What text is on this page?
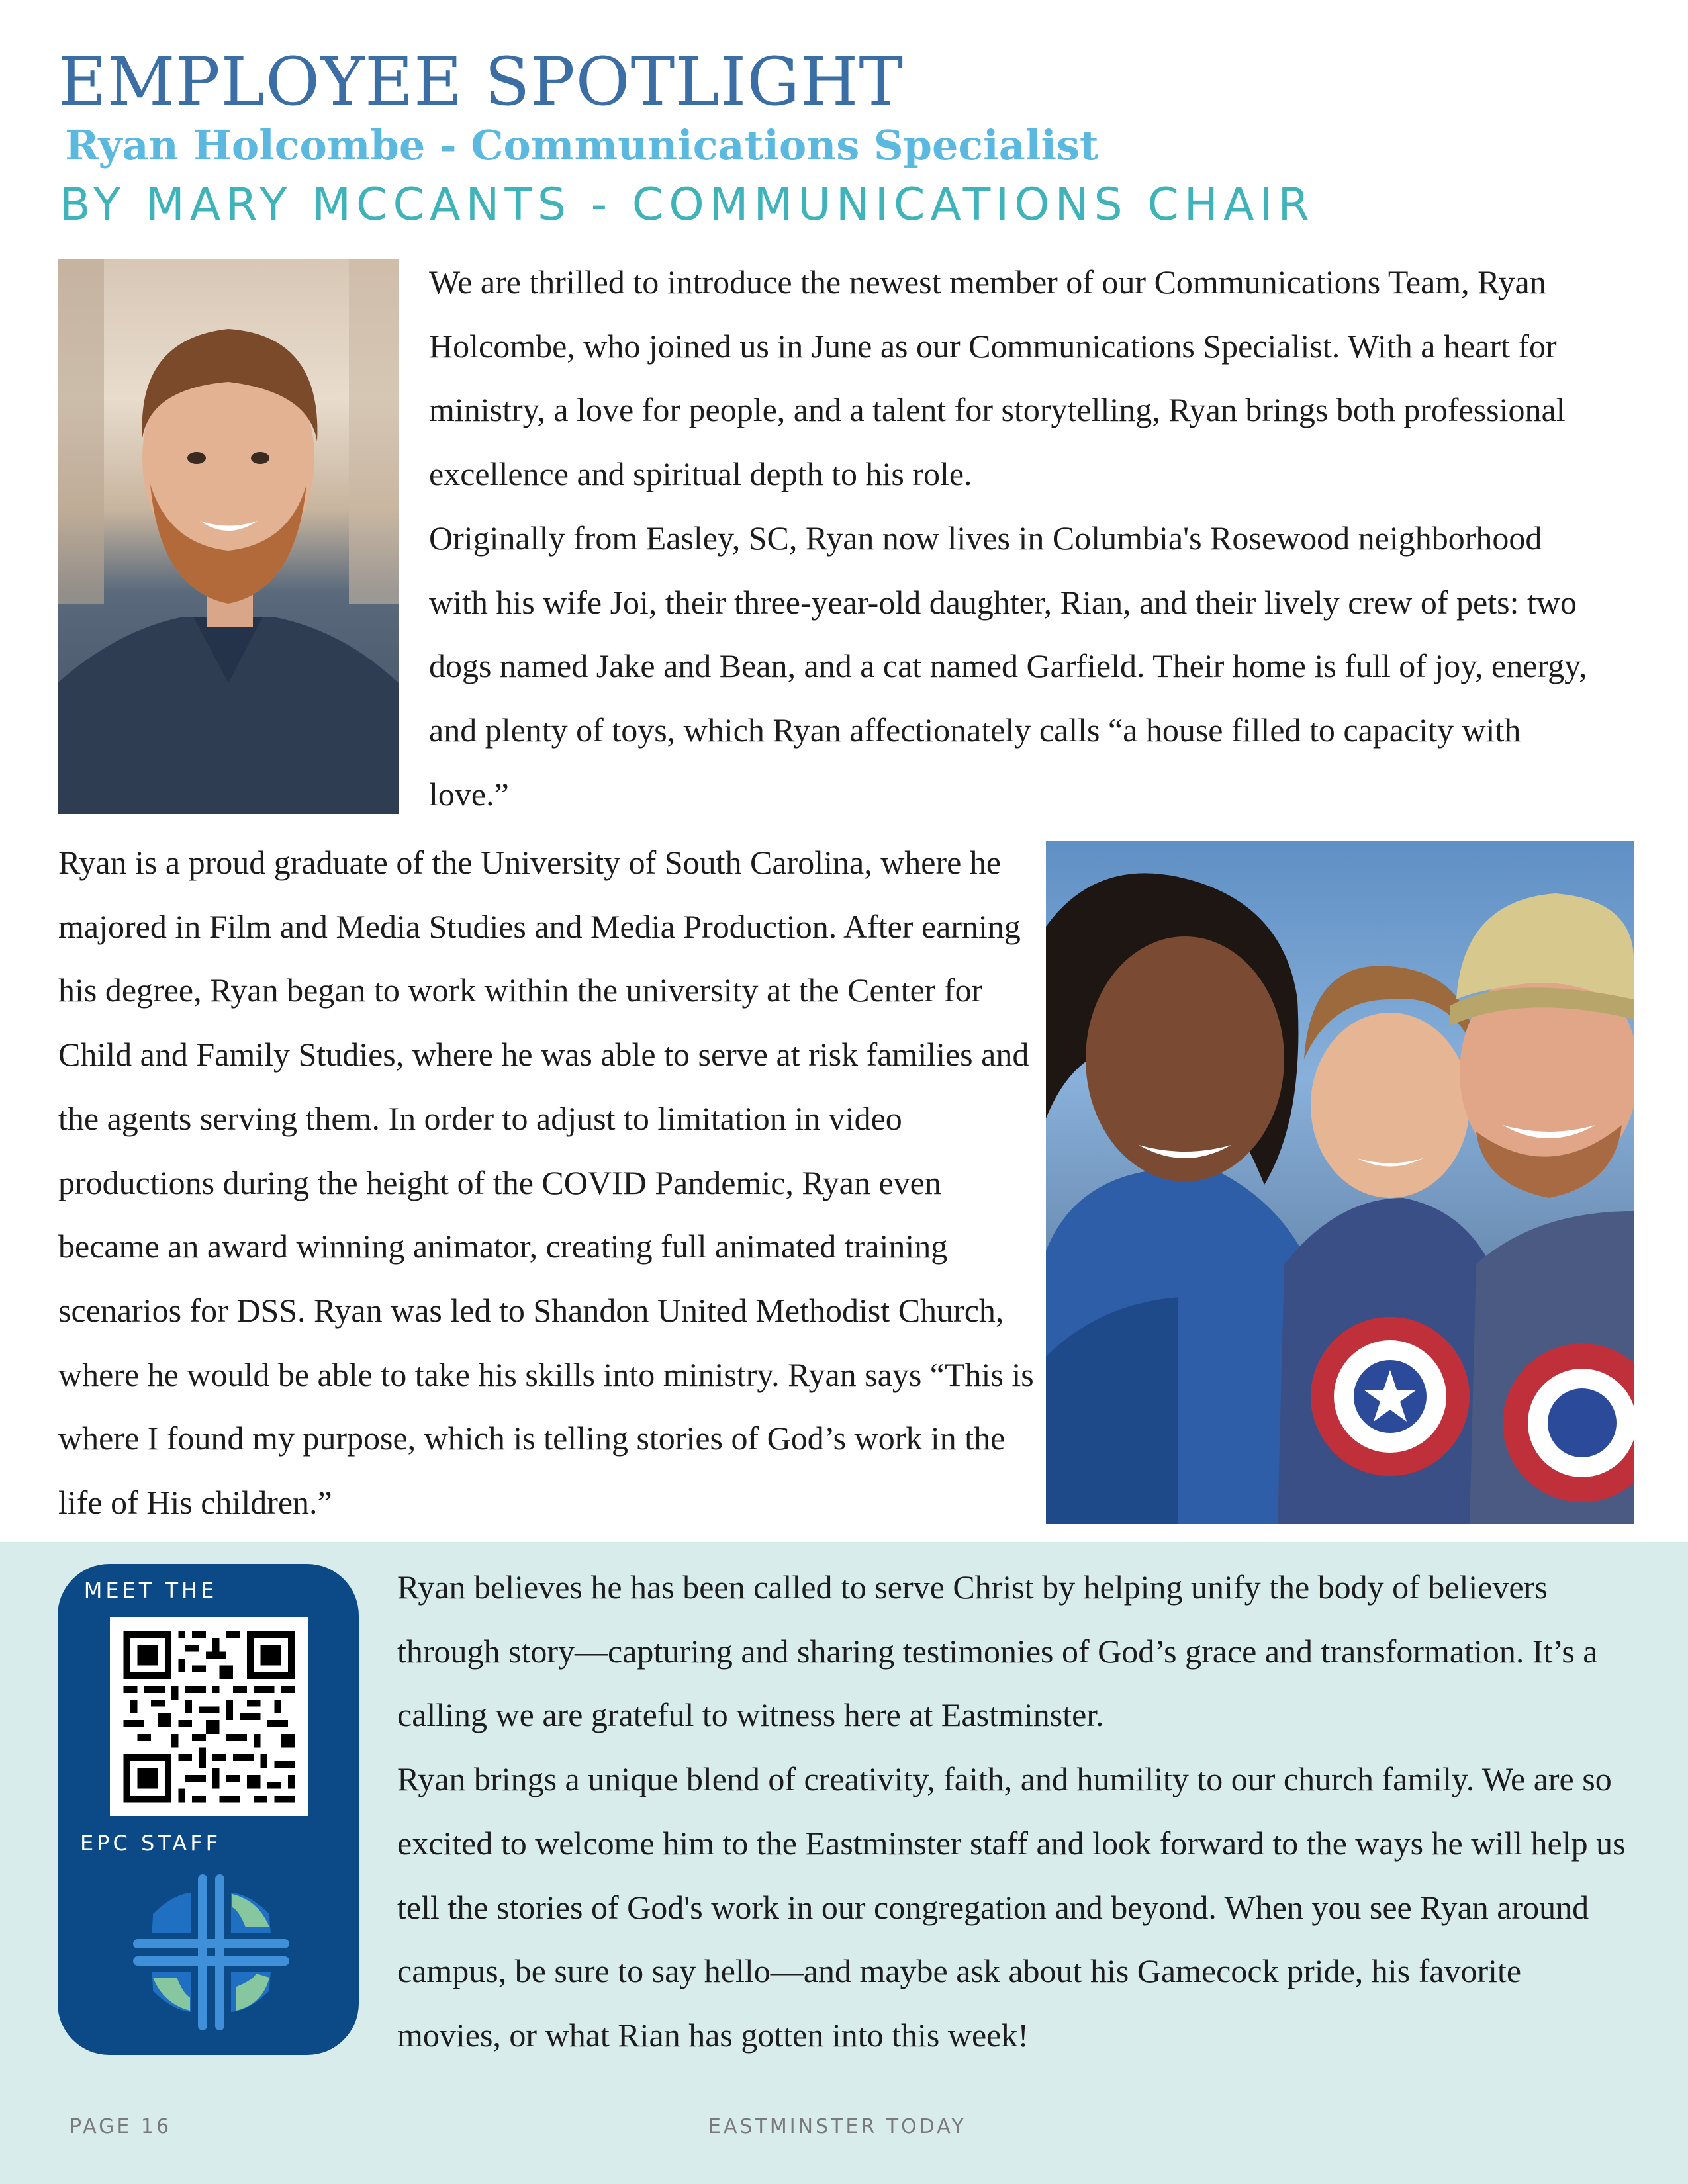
EMPLOYEE SPOTLIGHT
Ryan Holcombe - Communications Specialist

BY MARY MCCANTS - COMMUNICATIONS CHAIR

We are thrilled to introduce the newest member of our Communications Team, Ryan Holcombe, who joined us in June as our Communications Specialist. With a heart for ministry, a love for people, and a talent for storytelling, Ryan brings both professional excellence and spiritual depth to his role.

Originally from Easley, SC, Ryan now lives in Columbia's Rosewood neighborhood with his wife Joi, their three-year-old daughter, Rian, and their lively crew of pets: two dogs named Jake and Bean, and a cat named Garfield. Their home is full of joy, energy, and plenty of toys, which Ryan affectionately calls “a house filled to capacity with love.”

Ryan is a proud graduate of the University of South Carolina, where he majored in Film and Media Studies and Media Production. After earning his degree, Ryan began to work within the university at the Center for Child and Family Studies, where he was able to serve at risk families and the agents serving them. In order to adjust to limitation in video productions during the height of the COVID Pandemic, Ryan even became an award winning animator, creating full animated training scenarios for DSS. Ryan was led to Shandon United Methodist Church, where he would be able to take his skills into ministry. Ryan says “This is where I found my purpose, which is telling stories of God’s work in the life of His children.”

MEET THE

EPC STAFF

Ryan believes he has been called to serve Christ by helping unify the body of believers through story—capturing and sharing testimonies of God’s grace and transformation. It’s a calling we are grateful to witness here at Eastminster.

Ryan brings a unique blend of creativity, faith, and humility to our church family. We are so excited to welcome him to the Eastminster staff and look forward to the ways he will help us tell the stories of God's work in our congregation and beyond. When you see Ryan around campus, be sure to say hello—and maybe ask about his Gamecock pride, his favorite movies, or what Rian has gotten into this week!

PAGE 16	EASTMINSTER TODAY
